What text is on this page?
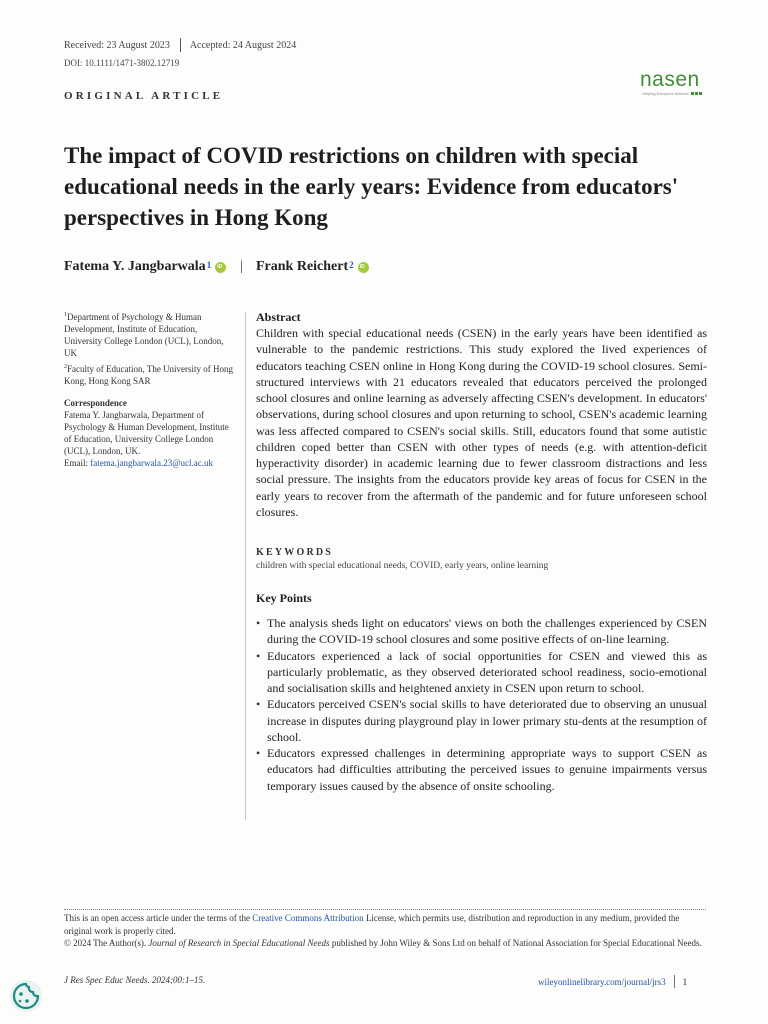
Received: 23 August 2023 Accepted: 24 August 2024
DOI: 10.1111/1471-3802.12719
nasen
Helping Everyone Achieve
ORIGINAL ARTICLE
The impact of COVID restrictions on children with special educational needs in the early years: Evidence from educators' perspectives in Hong Kong
Fatema Y. Jangbarwala$^1$
iD | Frank Reichert$^2$
iD

$^1$Department of Psychology & Human Development, Institute of Education, University College London (UCL), London, UK

$^2$Faculty of Education, The University of Hong Kong, Hong Kong SAR

Correspondence

Fatema Y. Jangbarwala, Department of Psychology & Human Development, Institute of Education, University College London (UCL), London, UK.

Email: fatema.jangbarwala.23@ucl.ac.uk

Abstract

Children with special educational needs (CSEN) in the early years have been identified as vulnerable to the pandemic restrictions. This study explored the lived experiences of educators teaching CSEN online in Hong Kong during the COVID-19 school closures. Semi-structured interviews with 21 educators revealed that educators perceived the prolonged school closures and online learning as adversely affecting CSEN's development. In educators' observations, during school closures and upon returning to school, CSEN's academic learning was less affected compared to CSEN's social skills. Still, educators found that some autistic children coped better than CSEN with other types of needs (e.g. with attention-deficit hyperactivity disorder) in academic learning due to fewer classroom distractions and less social pressure. The insights from the educators provide key areas of focus for CSEN in the early years to recover from the aftermath of the pandemic and for future unforeseen school closures.

KEYWORDS
children with special educational needs, COVID, early years, online learning
Key Points
• The analysis sheds light on educators' views on both the challenges experienced by CSEN during the COVID-19 school closures and some positive effects of on-line learning.
• Educators experienced a lack of social opportunities for CSEN and viewed this as particularly problematic, as they observed deteriorated school readiness, socio-emotional and socialisation skills and heightened anxiety in CSEN upon return to school.
• Educators perceived CSEN's social skills to have deteriorated due to observing an unusual increase in disputes during playground play in lower primary stu-dents at the resumption of school.
• Educators expressed challenges in determining appropriate ways to support CSEN as educators had difficulties attributing the perceived issues to genuine impairments versus temporary issues caused by the absence of onsite schooling.

This is an open access article under the terms of the Creative Commons Attribution License, which permits use, distribution and reproduction in any medium, provided the original work is properly cited.

© 2024 The Author(s). Journal of Research in Special Educational Needs published by John Wiley & Sons Ltd on behalf of National Association for Special Educational Needs.

J Res Spec Educ Needs. 2024;00:1–15.	wileyonlinelibrary.com/journal/jrs3 1
